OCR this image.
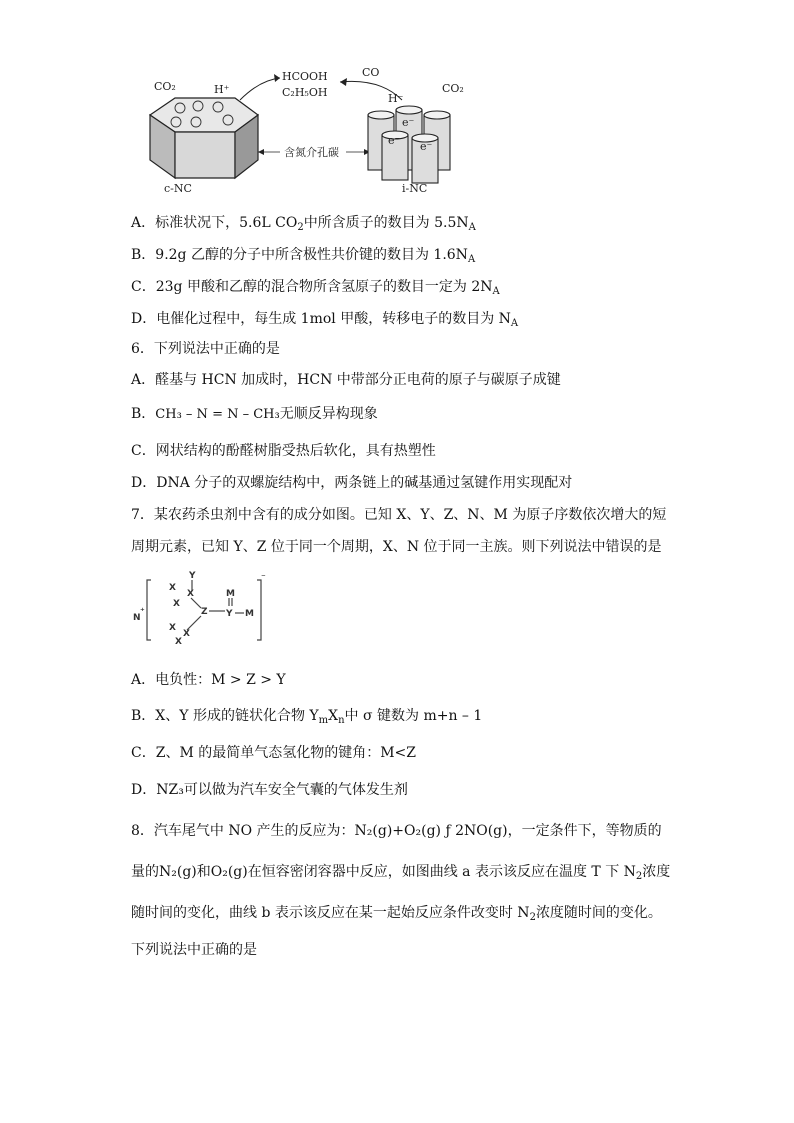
CO₂	H⁺
c-NC
HCOOH
C₂H₅OH
含氮介孔碳
CO
H⁻
CO₂
e⁻
e⁻ e⁻
i-NC
A．标准状况下，5.6L $CO_2$中所含质子的数目为 $5.5N_A$
B．9.2g 乙醇的分子中所含极性共价键的数目为 $1.6N_A$
C．23g 甲酸和乙醇的混合物所含氢原子的数目一定为 $2N_A$
D．电催化过程中，每生成 1mol 甲酸，转移电子的数目为 $N_A$
6．下列说法中正确的是
A．醛基与 HCN 加成时，HCN 中带部分正电荷的原子与碳原子成键
B．CH₃ – N = N – CH₃无顺反异构现象
C．网状结构的酚醛树脂受热后软化，具有热塑性
D．DNA 分子的双螺旋结构中，两条链上的碱基通过氢键作用实现配对
7．某农药杀虫剂中含有的成分如图。已知 X、Y、Z、N、M 为原子序数依次增大的短
周期元素，已知 Y、Z 位于同一个周期，X、N 位于同一主族。则下列说法中错误的是
N
⁺
Y
X
X
X
Z
M
Y M
X
X
X
⁻
A．电负性：M > Z > Y
B．X、Y 形成的链状化合物 $Y_mX_n$中 σ 键数为 m+n – 1
C．Z、M 的最简单气态氢化物的键角：M<Z
D．NZ₃可以做为汽车安全气囊的气体发生剂
8．汽车尾气中 NO 产生的反应为：N₂(g)+O₂(g) ƒ 2NO(g)，一定条件下，等物质的
量的N₂(g)和O₂(g)在恒容密闭容器中反应，如图曲线 a 表示该反应在温度 T 下 $N_2$浓度
随时间的变化，曲线 b 表示该反应在某一起始反应条件改变时 $N_2$浓度随时间的变化。
下列说法中正确的是
